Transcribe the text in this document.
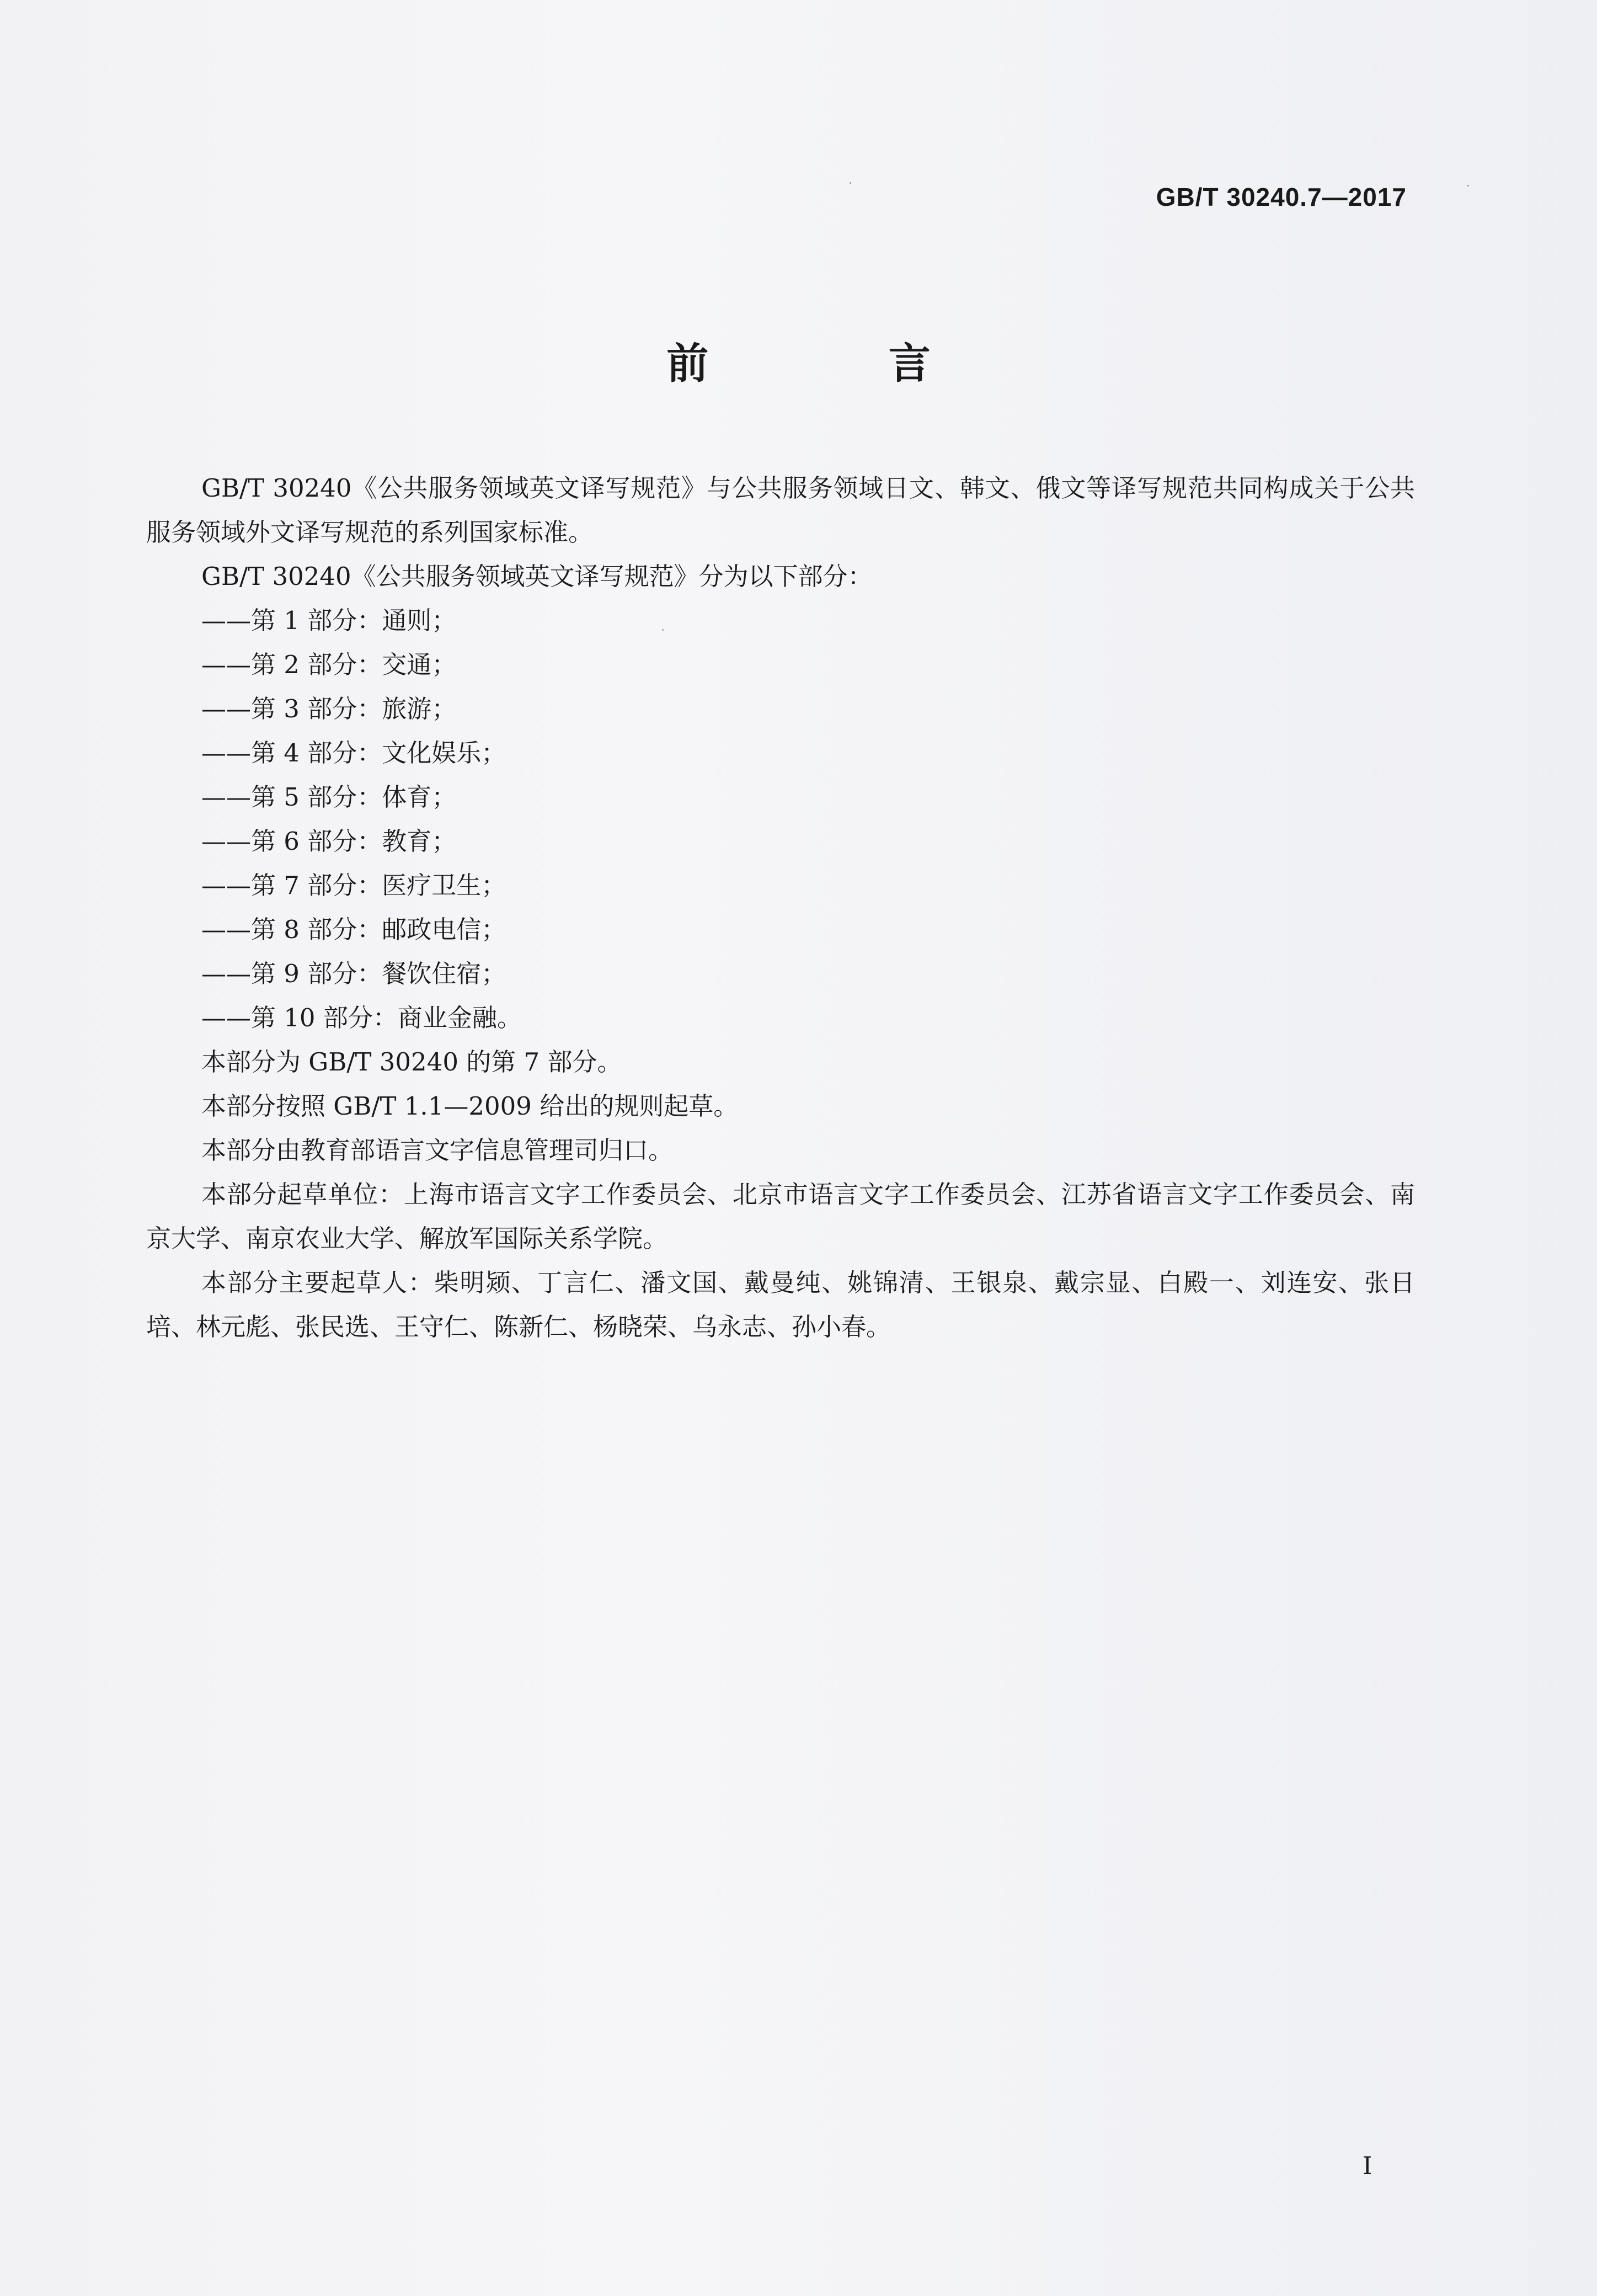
GB/T 30240.7—2017
前 言

GB/T 30240《公共服务领域英文译写规范》与公共服务领域日文、韩文、俄文等译写规范共同构成关于公共服务领域外文译写规范的系列国家标准。

GB/T 30240《公共服务领域英文译写规范》分为以下部分：

——第 1 部分：通则；

——第 2 部分：交通；

——第 3 部分：旅游；

——第 4 部分：文化娱乐；

——第 5 部分：体育；

——第 6 部分：教育；

——第 7 部分：医疗卫生；

——第 8 部分：邮政电信；

——第 9 部分：餐饮住宿；

——第 10 部分：商业金融。

本部分为 GB/T 30240 的第 7 部分。

本部分按照 GB/T 1.1—2009 给出的规则起草。

本部分由教育部语言文字信息管理司归口。

本部分起草单位：上海市语言文字工作委员会、北京市语言文字工作委员会、江苏省语言文字工作委员会、南京大学、南京农业大学、解放军国际关系学院。

本部分主要起草人：柴明颎、丁言仁、潘文国、戴曼纯、姚锦清、王银泉、戴宗显、白殿一、刘连安、张日培、林元彪、张民选、王守仁、陈新仁、杨晓荣、乌永志、孙小春。

I
